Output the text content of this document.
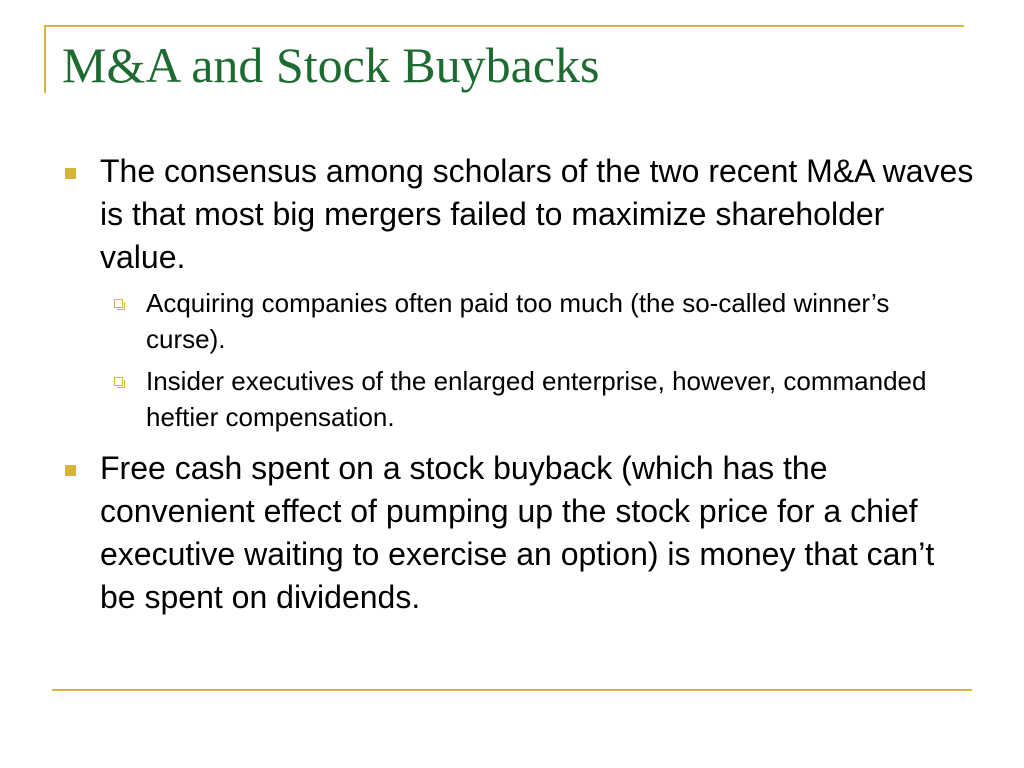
M&A and Stock Buybacks
The consensus among scholars of the two recent M&A waves is that most big mergers failed to maximize shareholder value.
Acquiring companies often paid too much (the so-called winner’s curse).
Insider executives of the enlarged enterprise, however, commanded heftier compensation.
Free cash spent on a stock buyback (which has the convenient effect of pumping up the stock price for a chief executive waiting to exercise an option) is money that can’t be spent on dividends.
